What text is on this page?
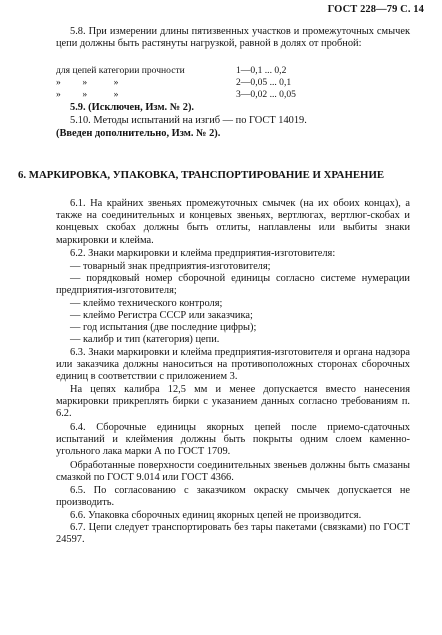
ГОСТ 228—79 С. 14
5.8. При измерении длины пятизвенных участков и промежуточных смычек цепи должны быть растянуты нагрузкой, равной в долях от пробной:
для цепей категории прочности	1—0,1 ... 0,2
»         »           »	2—0,05 ... 0,1
»         »           »	3—0,02 ... 0,05
5.9. (Исключен, Изм. № 2).
5.10. Методы испытаний на изгиб — по ГОСТ 14019.
(Введен дополнительно, Изм. № 2).
6. МАРКИРОВКА, УПАКОВКА, ТРАНСПОРТИРОВАНИЕ И ХРАНЕНИЕ
6.1. На крайних звеньях промежуточных смычек (на их обоих концах), а также на соединительных и концевых звеньях, вертлюгах, вертлюг-скобах и концевых скобах должны быть отлиты, наплавлены или выбиты знаки маркировки и клейма.
6.2. Знаки маркировки и клейма предприятия-изготовителя:
— товарный знак предприятия-изготовителя;
— порядковый номер сборочной единицы согласно системе нумерации предприятия-изготовителя;
— клеймо технического контроля;
— клеймо Регистра СССР или заказчика;
— год испытания (две последние цифры);
— калибр и тип (категория) цепи.
6.3. Знаки маркировки и клейма предприятия-изготовителя и органа надзора или заказчика должны наноситься на противоположных сторонах сборочных единиц в соответствии с приложением 3.
На цепях калибра 12,5 мм и менее допускается вместо нанесения маркировки прикреплять бирки с указанием данных согласно требованиям п. 6.2.
6.4. Сборочные единицы якорных цепей после приемо-сдаточных испытаний и клеймения должны быть покрыты одним слоем каменно-угольного лака марки А по ГОСТ 1709.
Обработанные поверхности соединительных звеньев должны быть смазаны смазкой по ГОСТ 9.014 или ГОСТ 4366.
6.5. По согласованию с заказчиком окраску смычек допускается не производить.
6.6. Упаковка сборочных единиц якорных цепей не производится.
6.7. Цепи следует транспортировать без тары пакетами (связками) по ГОСТ 24597.
